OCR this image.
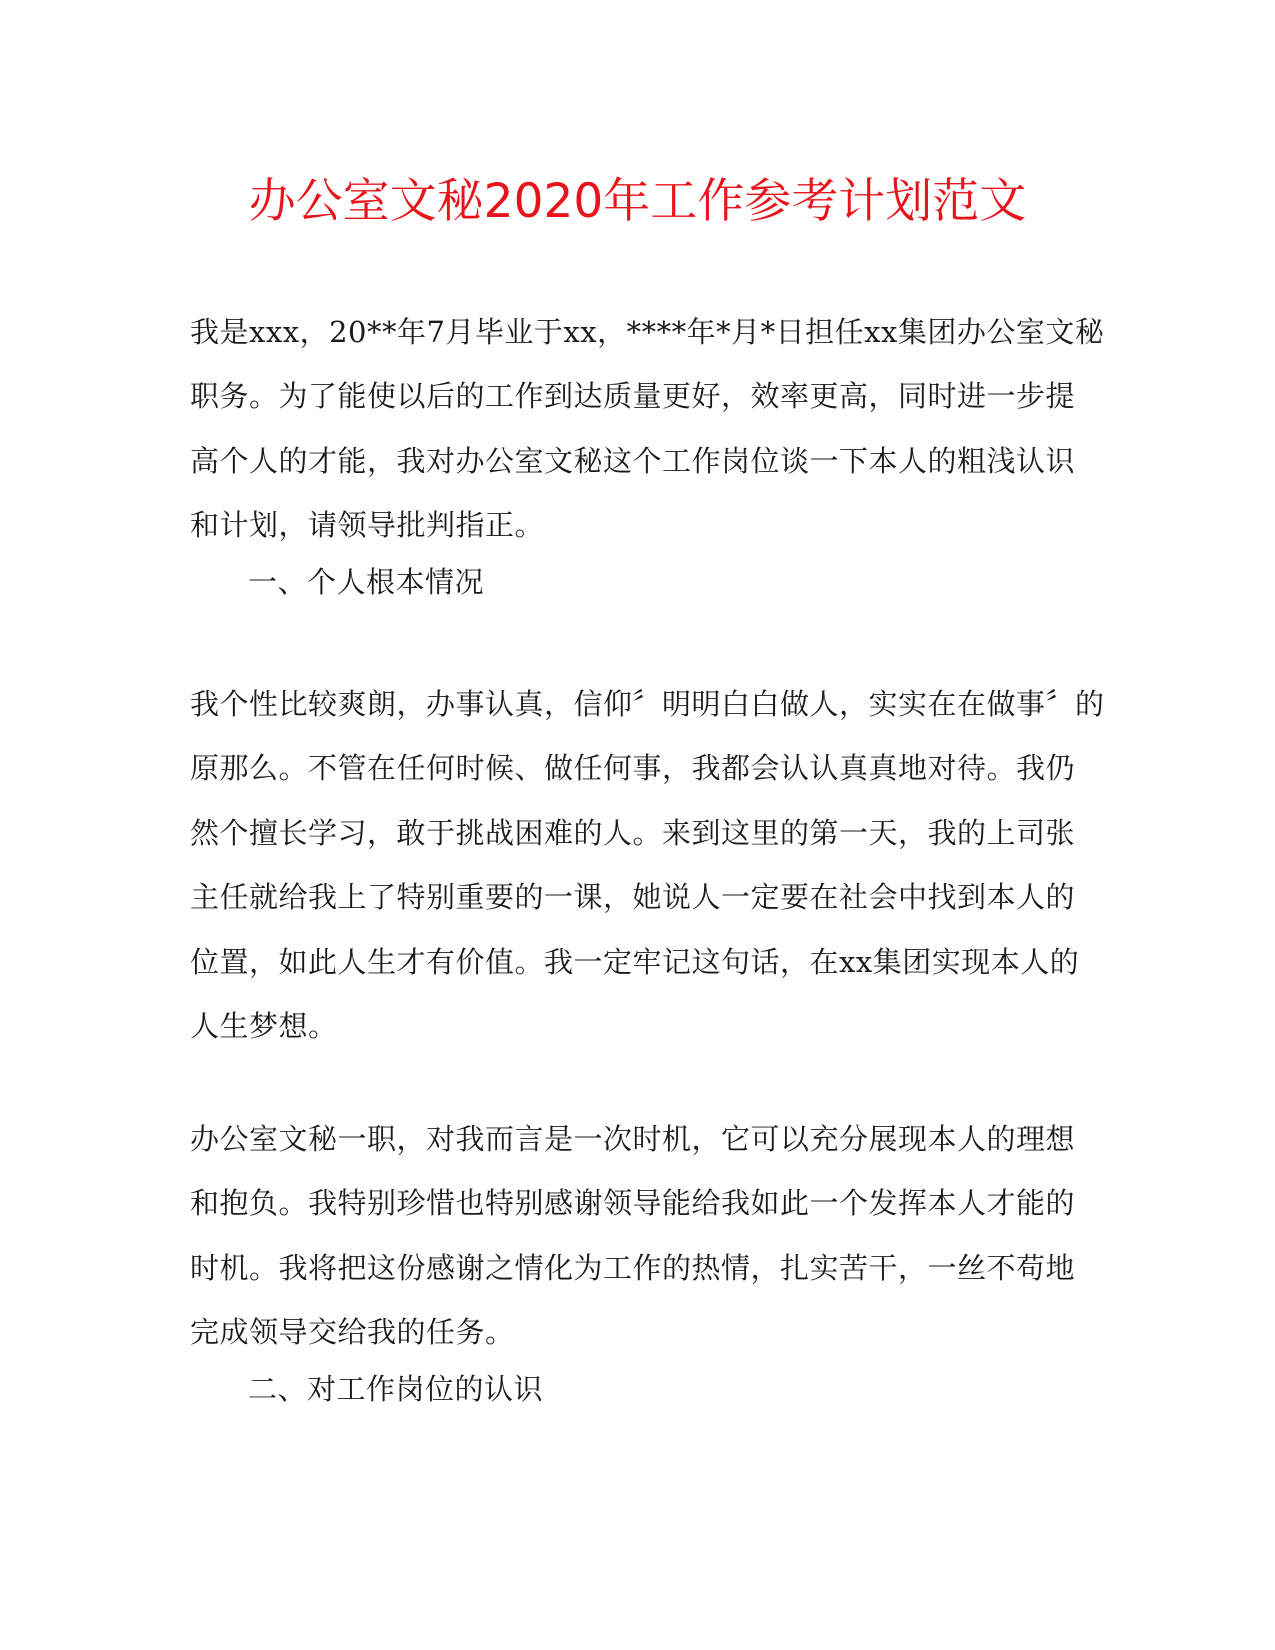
办公室文秘2020年工作参考计划范文

我是xxx，20**年7月毕业于xx，****年*月*日担任xx集团办公室文秘
职务。为了能使以后的工作到达质量更好，效率更高，同时进一步提
高个人的才能，我对办公室文秘这个工作岗位谈一下本人的粗浅认识
和计划，请领导批判指正。

一、个人根本情况

我个性比较爽朗，办事认真，信仰〞明明白白做人，实实在在做事〞的
原那么。不管在任何时候、做任何事，我都会认认真真地对待。我仍
然个擅长学习，敢于挑战困难的人。来到这里的第一天，我的上司张
主任就给我上了特别重要的一课，她说人一定要在社会中找到本人的
位置，如此人生才有价值。我一定牢记这句话，在xx集团实现本人的
人生梦想。

办公室文秘一职，对我而言是一次时机，它可以充分展现本人的理想
和抱负。我特别珍惜也特别感谢领导能给我如此一个发挥本人才能的
时机。我将把这份感谢之情化为工作的热情，扎实苦干，一丝不苟地
完成领导交给我的任务。

二、对工作岗位的认识
